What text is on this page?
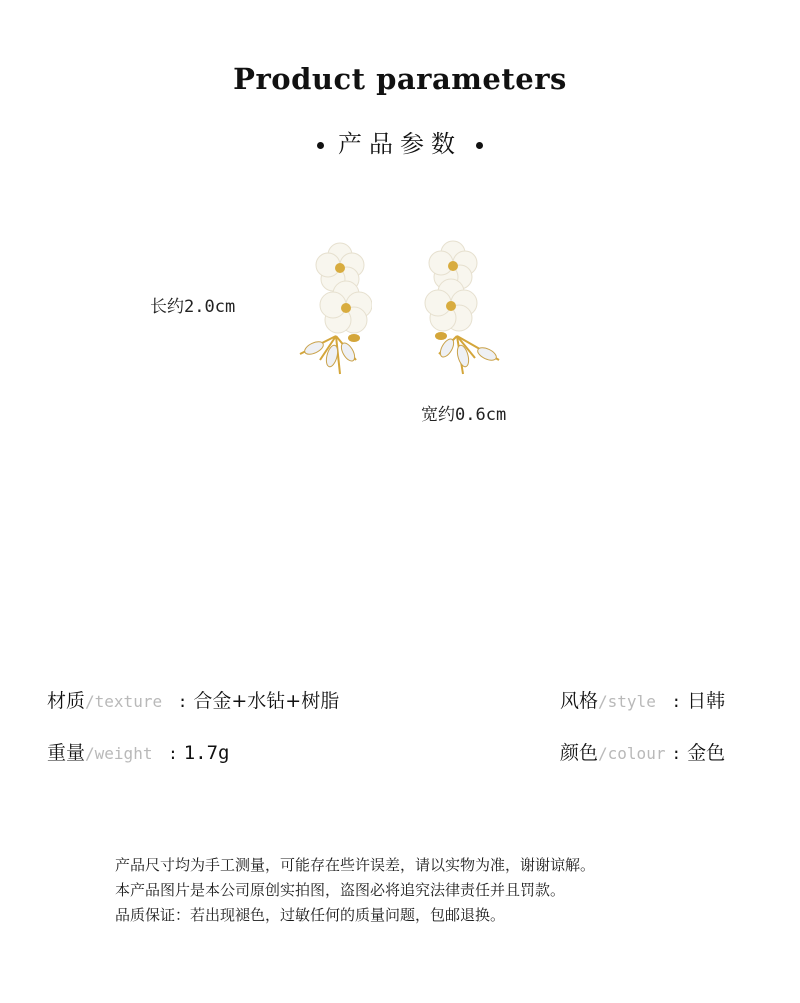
Product parameters
产品参数
长约2.0cm
宽约0.6cm
材质/texture : 合金+水钻+树脂	风格/style : 日韩
重量/weight : 1.7g	颜色/colour : 金色
产品尺寸均为手工测量，可能存在些许误差，请以实物为准，谢谢谅解。
本产品图片是本公司原创实拍图，盗图必将追究法律责任并且罚款。
品质保证：若出现褪色，过敏任何的质量问题，包邮退换。
